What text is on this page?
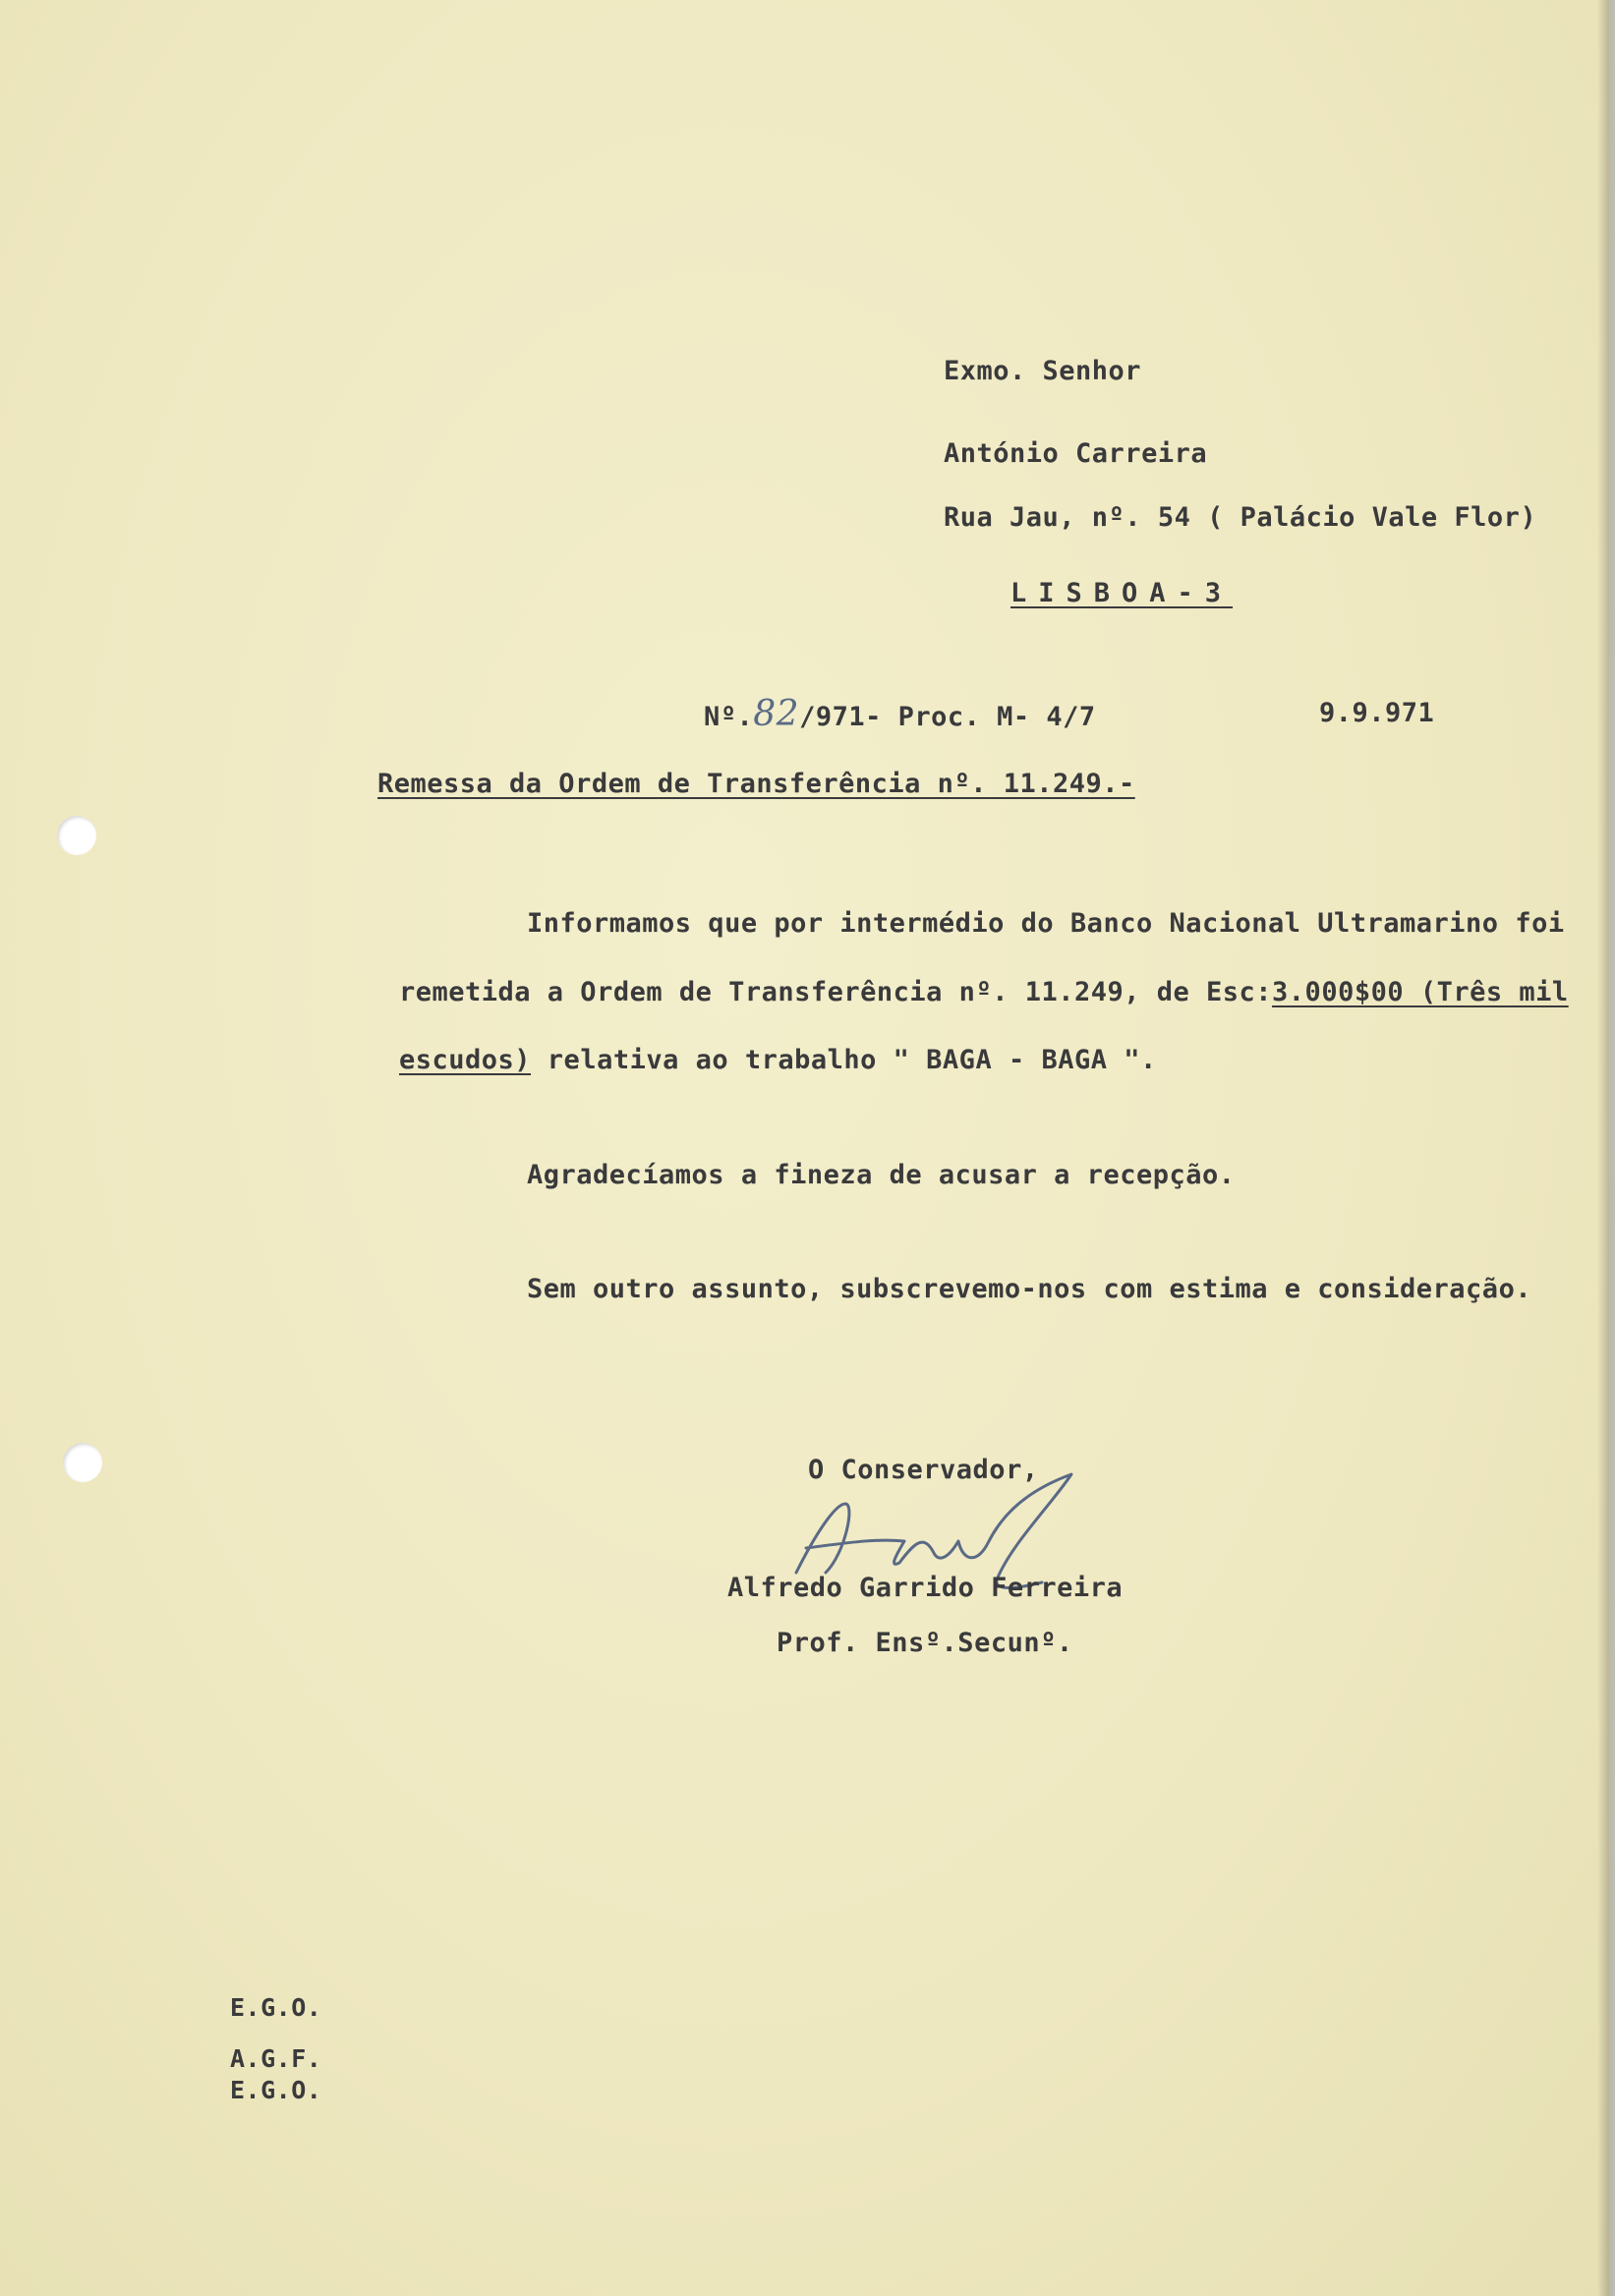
Exmo. Senhor
António Carreira
Rua Jau, nº. 54 ( Palácio Vale Flor)
LISBOA-3
Nº.82/971- Proc. M- 4/7	9.9.971
Remessa da Ordem de Transferência nº. 11.249.-
Informamos que por intermédio do Banco Nacional Ultramarino foi
remetida a Ordem de Transferência nº. 11.249, de Esc:3.000$00 (Três mil
escudos) relativa ao trabalho " BAGA - BAGA ".
Agradecíamos a fineza de acusar a recepção.
Sem outro assunto, subscrevemo-nos com estima e consideração.
O Conservador,
Alfredo Garrido Ferreira
Prof. Ensº.Secunº.
E.G.O.
A.G.F.
E.G.O.
